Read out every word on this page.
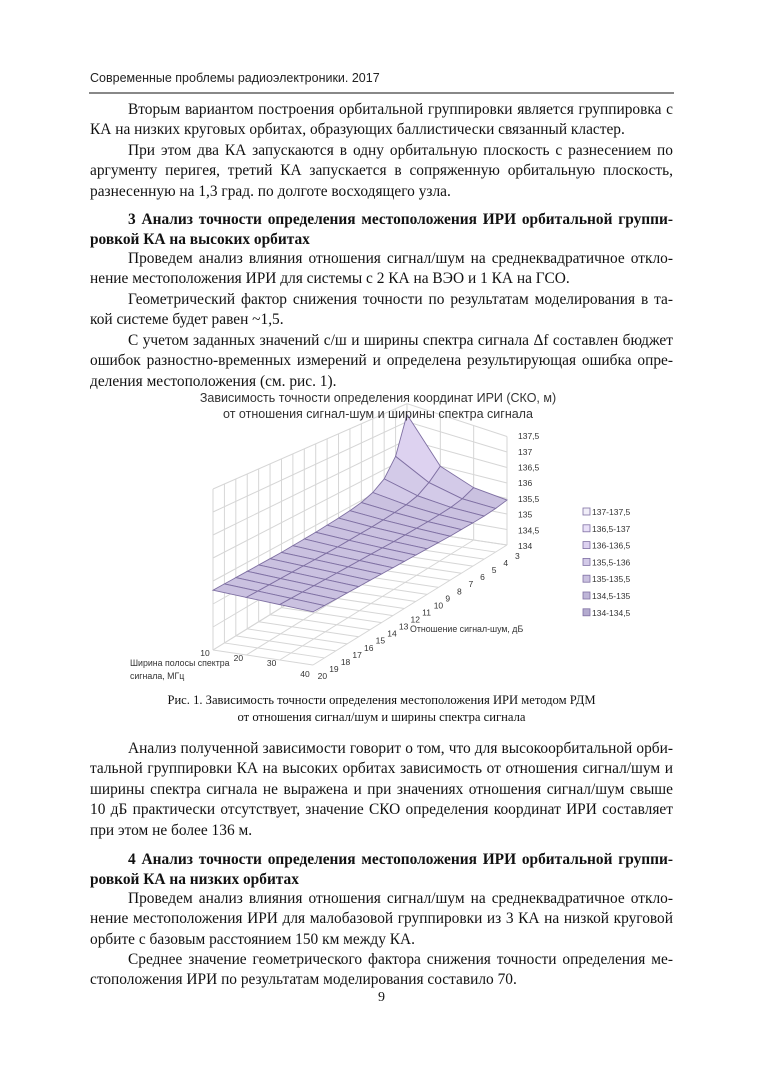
Современные проблемы радиоэлектроники. 2017
Вторым вариантом построения орбитальной группировки является группировка с
КА на низких круговых орбитах, образующих баллистически связанный кластер.
При этом два КА запускаются в одну орбитальную плоскость с разнесением по
аргументу перигея, третий КА запускается в сопряженную орбитальную плоскость,
разнесенную на 1,3 град. по долготе восходящего узла.
3 Анализ точности определения местоположения ИРИ орбитальной группи-
ровкой КА на высоких орбитах
Проведем анализ влияния отношения сигнал/шум на среднеквадратичное откло-
нение местоположения ИРИ для системы с 2 КА на ВЭО и 1 КА на ГСО.
Геометрический фактор снижения точности по результатам моделирования в та-
кой системе будет равен ~1,5.
С учетом заданных значений с/ш и ширины спектра сигнала Δf составлен бюджет
ошибок разностно-временных измерений и определена результирующая ошибка опре-
деления местоположения (см. рис. 1).
Зависимость точности определения координат ИРИ (СКО, м)
от отношения сигнал-шум и ширины спектра сигнала
134
134,5
135
135,5
136
136,5
137
137,5
3
4
5
6
7
8
9
10
11
12
13
14
15
16
17
18
19
20
10	20	30
40
Отношение сигнал-шум, дБ
Ширина полосы спектра
сигнала, МГц
137-137,5
136,5-137
136-136,5
135,5-136
135-135,5
134,5-135
134-134,5
Рис. 1. Зависимость точности определения местоположения ИРИ методом РДМ
от отношения сигнал/шум и ширины спектра сигнала
Анализ полученной зависимости говорит о том, что для высокоорбитальной орби-
тальной группировки КА на высоких орбитах зависимость от отношения сигнал/шум и
ширины спектра сигнала не выражена и при значениях отношения сигнал/шум свыше
10 дБ практически отсутствует, значение СКО определения координат ИРИ составляет
при этом не более 136 м.
4 Анализ точности определения местоположения ИРИ орбитальной группи-
ровкой КА на низких орбитах
Проведем анализ влияния отношения сигнал/шум на среднеквадратичное откло-
нение местоположения ИРИ для малобазовой группировки из 3 КА на низкой круговой
орбите с базовым расстоянием 150 км между КА.
Среднее значение геометрического фактора снижения точности определения ме-
стоположения ИРИ по результатам моделирования составило 70.
9
